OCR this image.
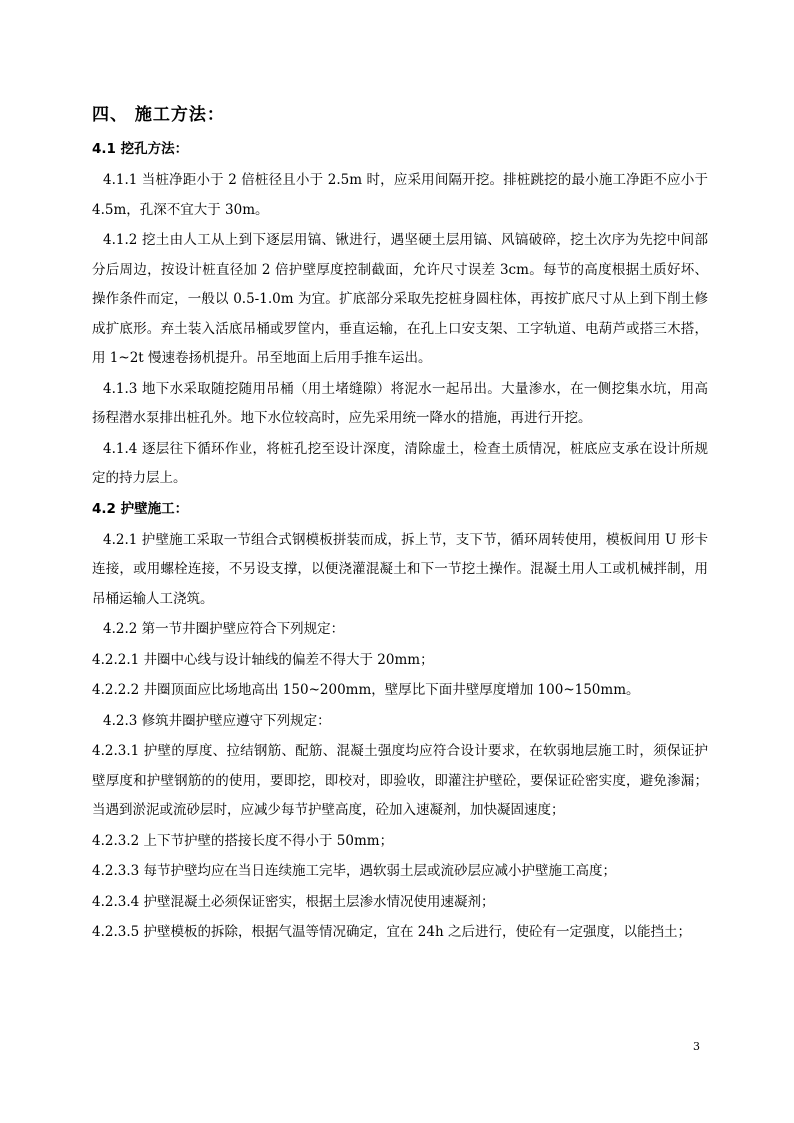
四、 施工方法：
4.1 挖孔方法：

4.1.1 当桩净距小于 2 倍桩径且小于 2.5m 时，应采用间隔开挖。排桩跳挖的最小施工净距不应小于 4.5m，孔深不宜大于 30m。

4.1.2 挖土由人工从上到下逐层用镐、锹进行，遇坚硬土层用镐、风镐破碎，挖土次序为先挖中间部分后周边，按设计桩直径加 2 倍护壁厚度控制截面，允许尺寸误差 3cm。每节的高度根据土质好坏、操作条件而定，一般以 0.5-1.0m 为宜。扩底部分采取先挖桩身圆柱体，再按扩底尺寸从上到下削土修成扩底形。弃土装入活底吊桶或罗筐内，垂直运输，在孔上口安支架、工字轨道、电葫芦或搭三木搭，用 1~2t 慢速卷扬机提升。吊至地面上后用手推车运出。

4.1.3 地下水采取随挖随用吊桶（用土堵缝隙）将泥水一起吊出。大量渗水，在一侧挖集水坑，用高扬程潜水泵排出桩孔外。地下水位较高时，应先采用统一降水的措施，再进行开挖。

4.1.4 逐层往下循环作业，将桩孔挖至设计深度，清除虚土，检查土质情况，桩底应支承在设计所规定的持力层上。

4.2 护壁施工：

4.2.1 护壁施工采取一节组合式钢模板拼装而成，拆上节，支下节，循环周转使用，模板间用 U 形卡连接，或用螺栓连接，不另设支撑，以便浇灌混凝土和下一节挖土操作。混凝土用人工或机械拌制，用吊桶运输人工浇筑。

4.2.2 第一节井圈护壁应符合下列规定：

4.2.2.1 井圈中心线与设计轴线的偏差不得大于 20mm；

4.2.2.2 井圈顶面应比场地高出 150~200mm，壁厚比下面井壁厚度增加 100~150mm。

4.2.3 修筑井圈护壁应遵守下列规定：

4.2.3.1 护壁的厚度、拉结钢筋、配筋、混凝土强度均应符合设计要求，在软弱地层施工时，须保证护壁厚度和护壁钢筋的的使用，要即挖，即校对，即验收，即灌注护壁砼，要保证砼密实度，避免渗漏；当遇到淤泥或流砂层时，应减少每节护壁高度，砼加入速凝剂，加快凝固速度；

4.2.3.2 上下节护壁的搭接长度不得小于 50mm；

4.2.3.3 每节护壁均应在当日连续施工完毕，遇软弱土层或流砂层应减小护壁施工高度；

4.2.3.4 护壁混凝土必须保证密实，根据土层渗水情况使用速凝剂；

4.2.3.5 护壁模板的拆除，根据气温等情况确定，宜在 24h 之后进行，使砼有一定强度，以能挡土；

3
